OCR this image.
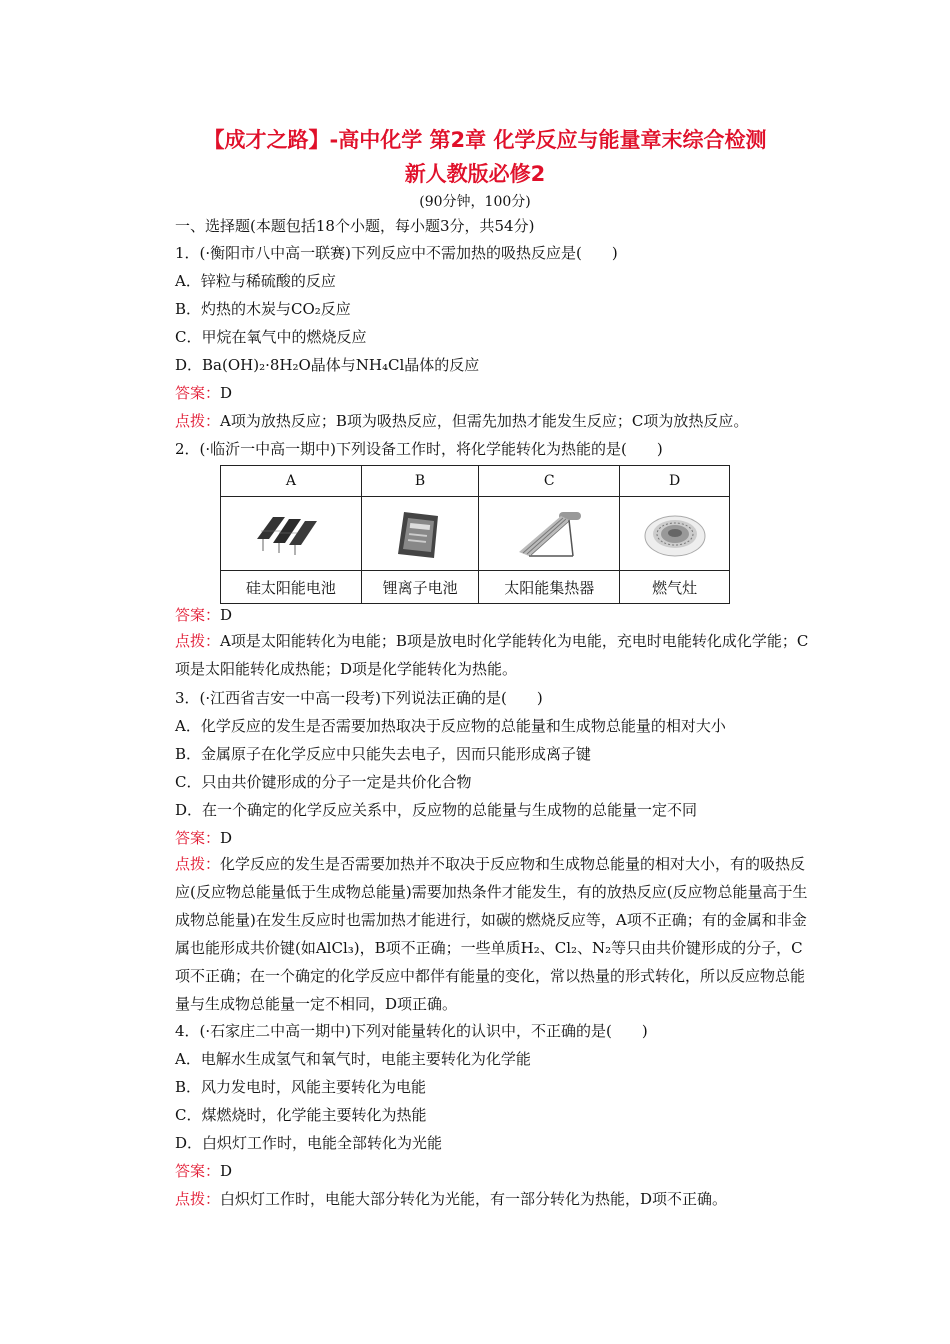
【成才之路】-高中化学 第2章 化学反应与能量章末综合检测
新人教版必修2
(90分钟，100分)
一、选择题(本题包括18个小题，每小题3分，共54分)
1．(·衡阳市八中高一联赛)下列反应中不需加热的吸热反应是(　　)
A．锌粒与稀硫酸的反应
B．灼热的木炭与CO₂反应
C．甲烷在氧气中的燃烧反应
D．Ba(OH)₂·8H₂O晶体与NH₄Cl晶体的反应
答案：D
点拨：A项为放热反应；B项为吸热反应，但需先加热才能发生反应；C项为放热反应。
2．(·临沂一中高一期中)下列设备工作时，将化学能转化为热能的是(　　)
A	B	C	D

硅太阳能电池	锂离子电池	太阳能集热器	燃气灶
答案：D
点拨：A项是太阳能转化为电能；B项是放电时化学能转化为电能，充电时电能转化成化学能；C项是太阳能转化成热能；D项是化学能转化为热能。
3．(·江西省吉安一中高一段考)下列说法正确的是(　　)
A．化学反应的发生是否需要加热取决于反应物的总能量和生成物总能量的相对大小
B．金属原子在化学反应中只能失去电子，因而只能形成离子键
C．只由共价键形成的分子一定是共价化合物
D．在一个确定的化学反应关系中，反应物的总能量与生成物的总能量一定不同
答案：D
点拨：化学反应的发生是否需要加热并不取决于反应物和生成物总能量的相对大小，有的吸热反应(反应物总能量低于生成物总能量)需要加热条件才能发生，有的放热反应(反应物总能量高于生成物总能量)在发生反应时也需加热才能进行，如碳的燃烧反应等，A项不正确；有的金属和非金属也能形成共价键(如AlCl₃)，B项不正确；一些单质H₂、Cl₂、N₂等只由共价键形成的分子，C项不正确；在一个确定的化学反应中都伴有能量的变化，常以热量的形式转化，所以反应物总能量与生成物总能量一定不相同，D项正确。
4．(·石家庄二中高一期中)下列对能量转化的认识中，不正确的是(　　)
A．电解水生成氢气和氧气时，电能主要转化为化学能
B．风力发电时，风能主要转化为电能
C．煤燃烧时，化学能主要转化为热能
D．白炽灯工作时，电能全部转化为光能
答案：D
点拨：白炽灯工作时，电能大部分转化为光能，有一部分转化为热能，D项不正确。
